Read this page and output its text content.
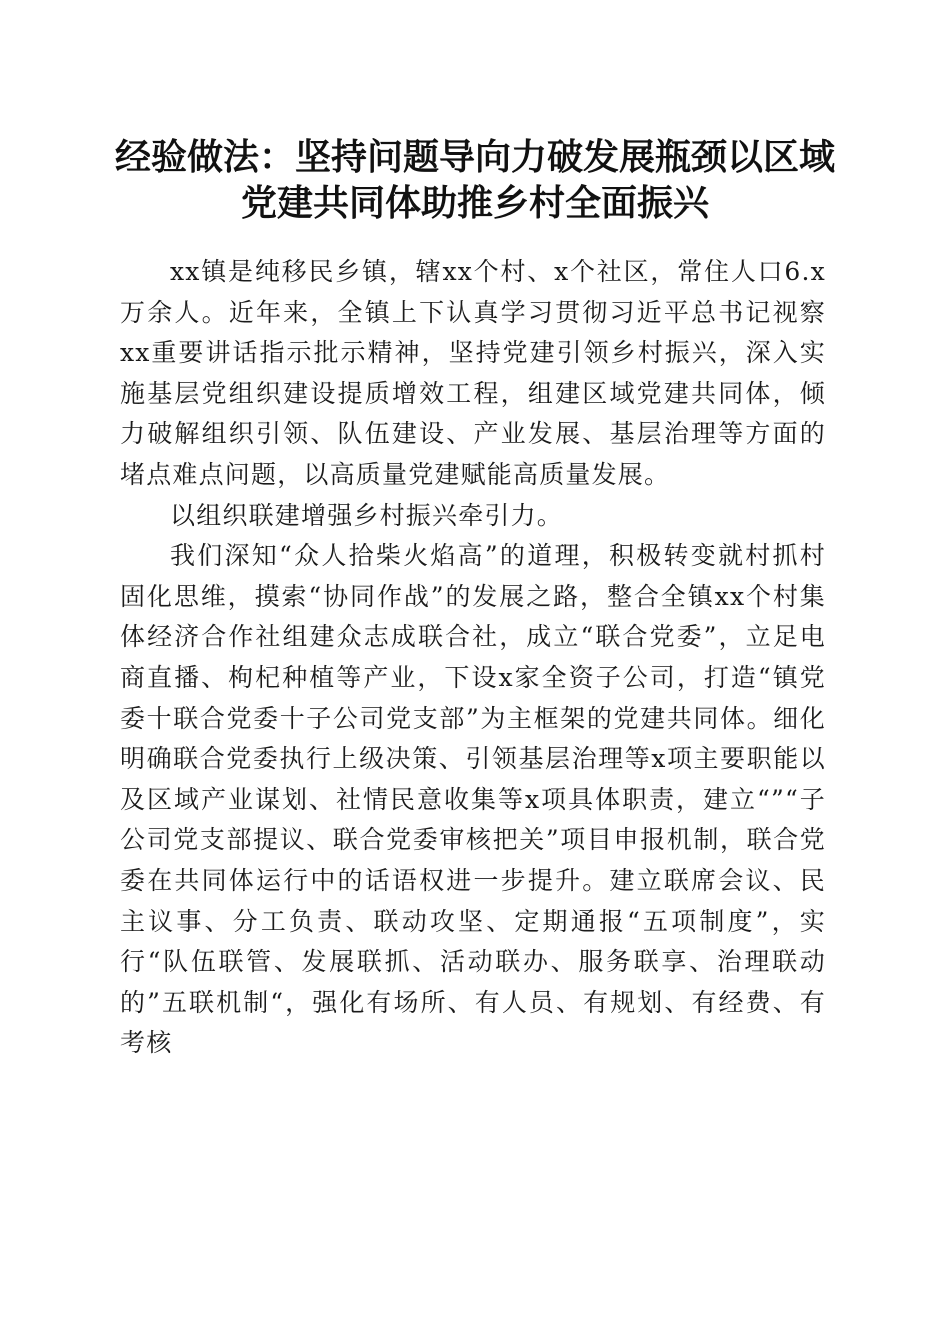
经验做法：坚持问题导向力破发展瓶颈以区域
党建共同体助推乡村全面振兴

xx镇是纯移民乡镇，辖xx个村、x个社区，常住人口6.x万余人。近年来，全镇上下认真学习贯彻习近平总书记视察xx重要讲话指示批示精神，坚持党建引领乡村振兴，深入实施基层党组织建设提质增效工程，组建区域党建共同体，倾力破解组织引领、队伍建设、产业发展、基层治理等方面的堵点难点问题，以高质量党建赋能高质量发展。

以组织联建增强乡村振兴牵引力。

我们深知“众人拾柴火焰高”的道理，积极转变就村抓村固化思维，摸索“协同作战”的发展之路，整合全镇xx个村集体经济合作社组建众志成联合社，成立“联合党委”，立足电商直播、枸杞种植等产业，下设x家全资子公司，打造“镇党委十联合党委十子公司党支部”为主框架的党建共同体。细化明确联合党委执行上级决策、引领基层治理等x项主要职能以及区域产业谋划、社情民意收集等x项具体职责，建立“”“子公司党支部提议、联合党委审核把关”项目申报机制，联合党委在共同体运行中的话语权进一步提升。建立联席会议、民主议事、分工负责、联动攻坚、定期通报“五项制度”，实行“队伍联管、发展联抓、活动联办、服务联享、治理联动的”五联机制“，强化有场所、有人员、有规划、有经费、有考核
